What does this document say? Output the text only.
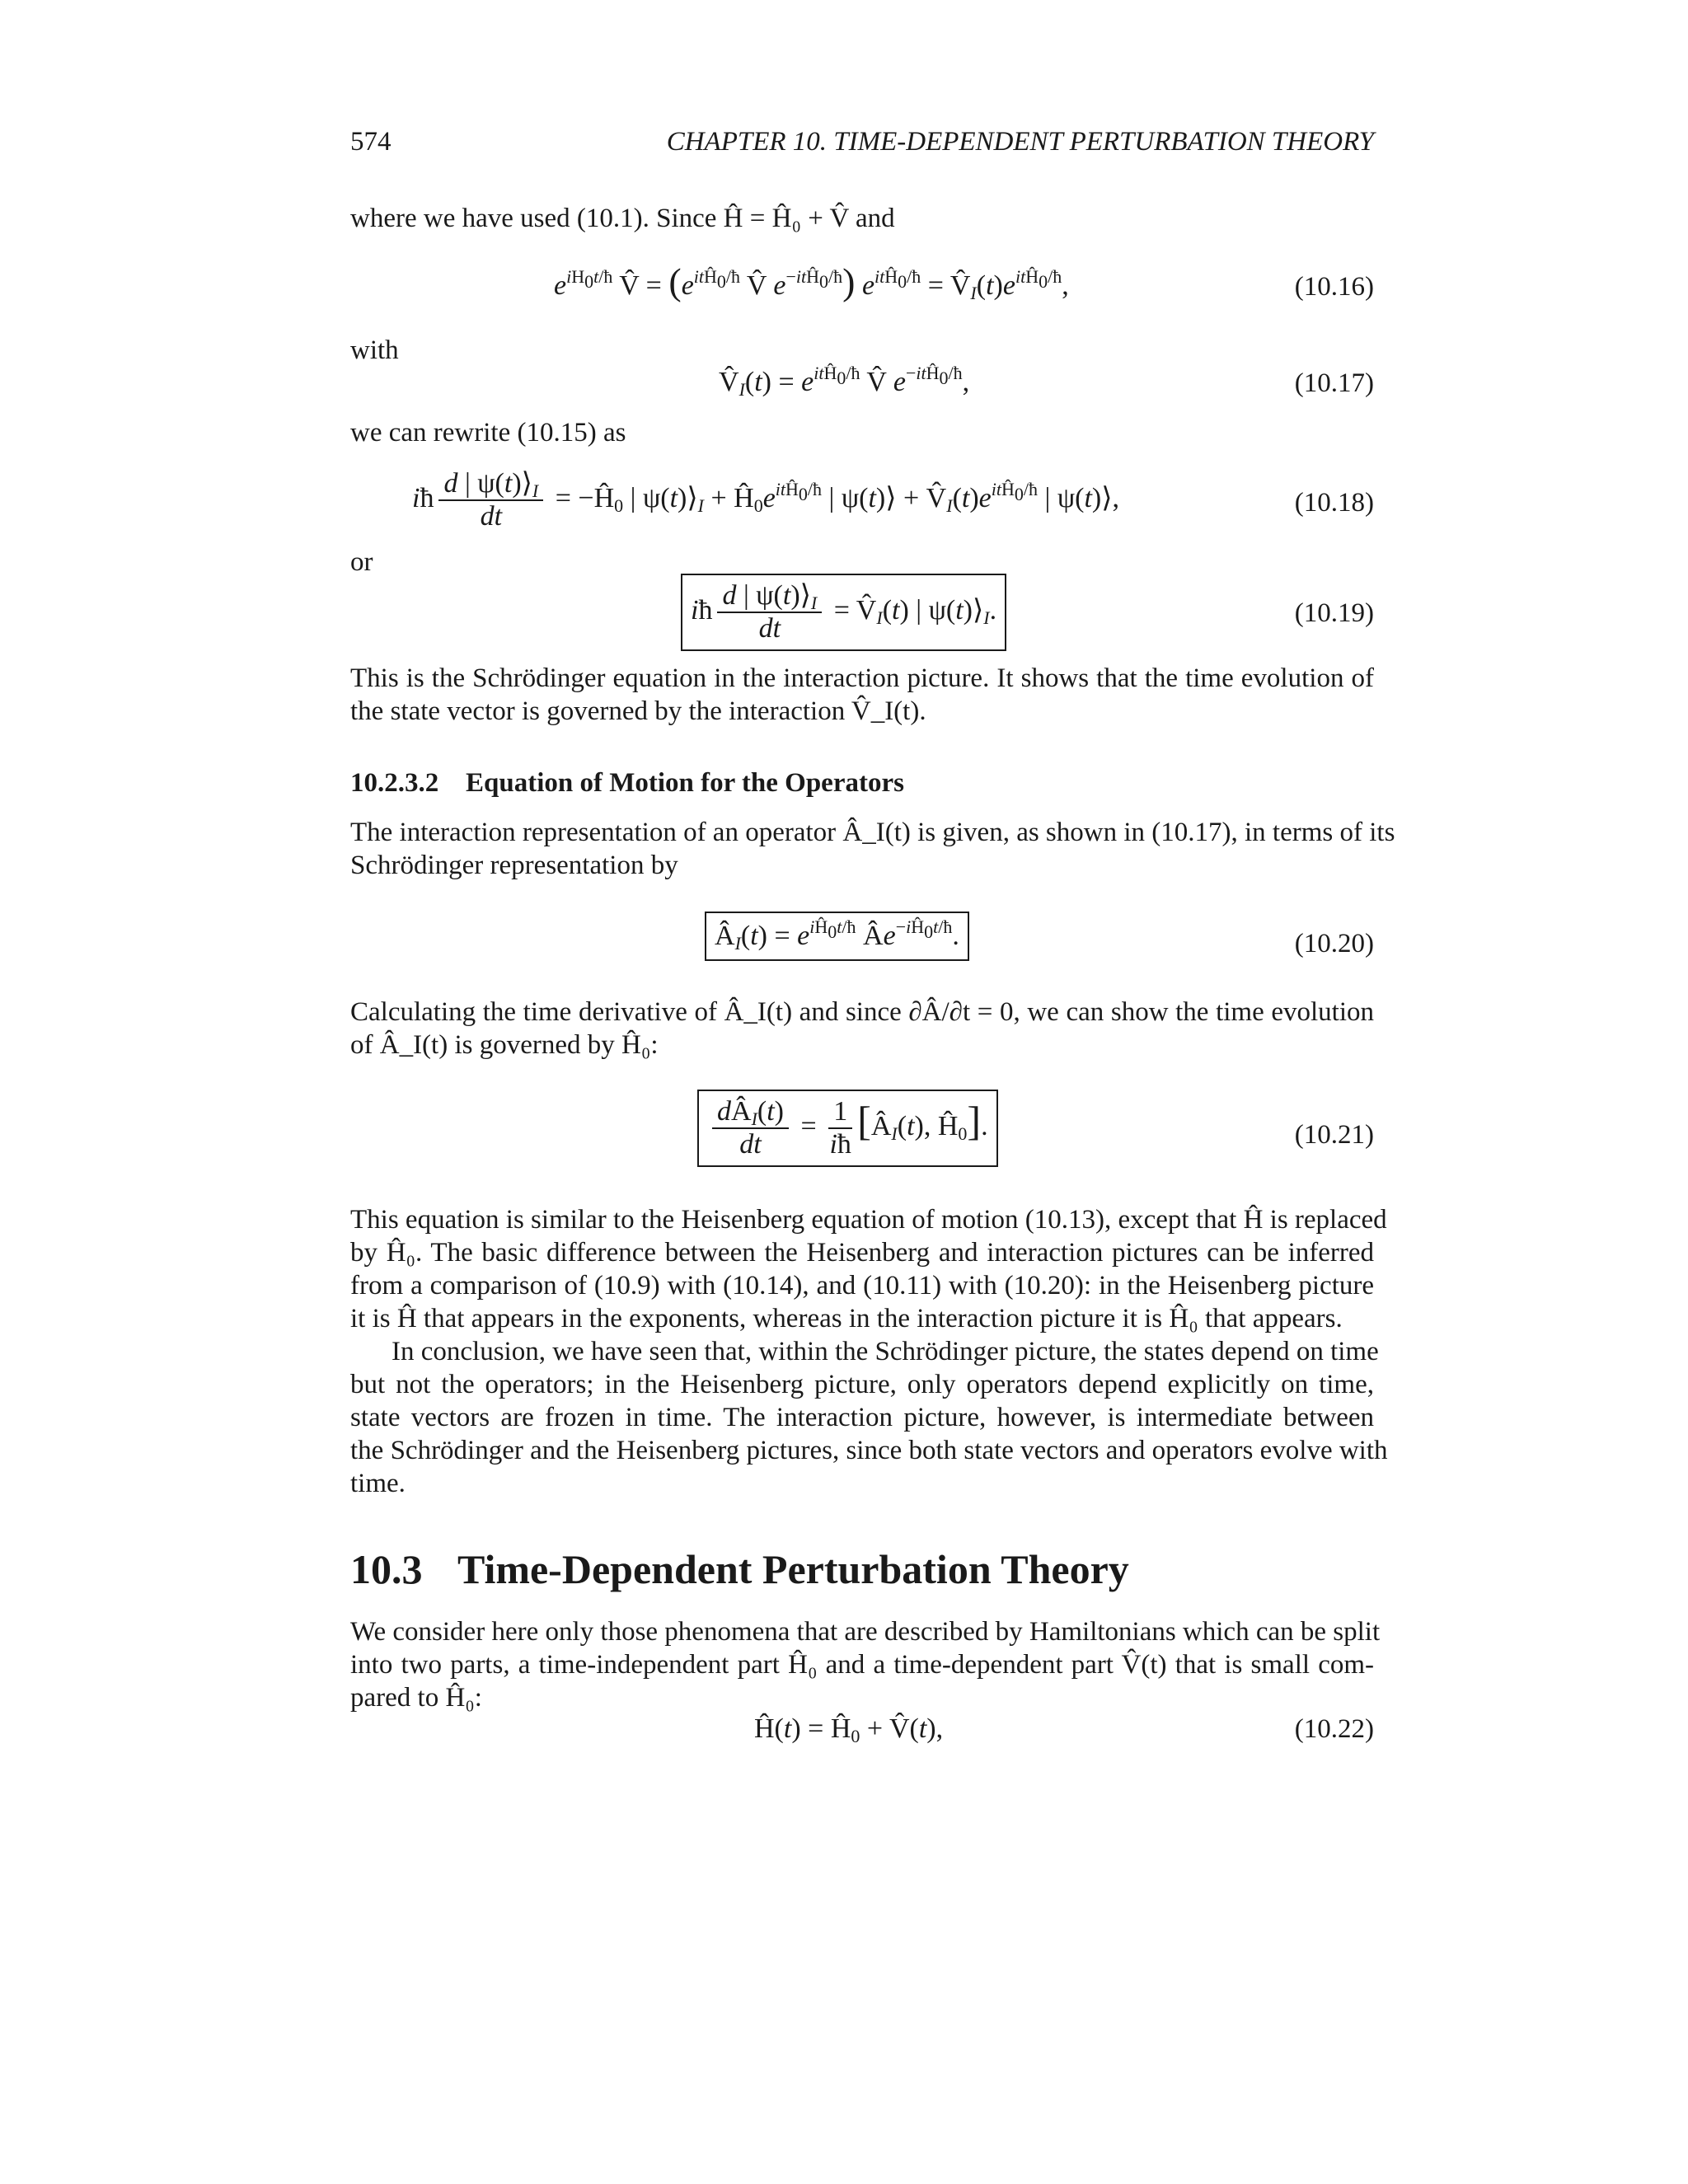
574	CHAPTER 10. TIME-DEPENDENT PERTURBATION THEORY
where we have used (10.1). Since Ĥ = Ĥ₀ + V̂ and
$e^{iH_0t/ħ}$ V̂ = ($e^{itĤ_0/ħ}$ V̂ $e^{-itĤ_0/ħ}$) $e^{itĤ_0/ħ}$ = $V̂_I(t)e^{itĤ_0/ħ}$,	(10.16)
with
$V̂_I(t) = e^{itĤ_0/ħ}$ V̂ $e^{-itĤ_0/ħ}$,	(10.17)
we can rewrite (10.15) as
iħ $\frac{d | \psi(t)⟩_I}{dt}$ = $-Ĥ_0$ | $\psi(t)⟩_I$ + $Ĥ_0e^{itĤ_0/ħ}$ | ψ(t)⟩ + $V̂_I(t)e^{itĤ_0/ħ}$ | ψ(t)⟩,	(10.18)
or
iħ $\frac{d | \psi(t)⟩_I}{dt}$ = $V̂_I(t)$ | $\psi(t)⟩_I$.	(10.19)
This is the Schrödinger equation in the interaction picture. It shows that the time evolution of
the state vector is governed by the interaction V̂_I(t).
10.2.3.2 Equation of Motion for the Operators
The interaction representation of an operator Â_I(t) is given, as shown in (10.17), in terms of its
Schrödinger representation by
$Â_I(t) = e^{iĤ_0t/ħ}$ $Âe^{-iĤ_0t/ħ}$.	(10.20)
Calculating the time derivative of Â_I(t) and since ∂Â/∂t = 0, we can show the time evolution
of Â_I(t) is governed by Ĥ₀:
$\frac{dÂ_I(t)}{dt} = \frac{1}{iħ}$ [$Â_I(t)$, $Ĥ_0$].	(10.21)
This equation is similar to the Heisenberg equation of motion (10.13), except that Ĥ is replaced
by Ĥ₀. The basic difference between the Heisenberg and interaction pictures can be inferred
from a comparison of (10.9) with (10.14), and (10.11) with (10.20): in the Heisenberg picture
it is Ĥ that appears in the exponents, whereas in the interaction picture it is Ĥ₀ that appears.
In conclusion, we have seen that, within the Schrödinger picture, the states depend on time
but not the operators; in the Heisenberg picture, only operators depend explicitly on time,
state vectors are frozen in time. The interaction picture, however, is intermediate between
the Schrödinger and the Heisenberg pictures, since both state vectors and operators evolve with
time.
10.3 Time-Dependent Perturbation Theory
We consider here only those phenomena that are described by Hamiltonians which can be split
into two parts, a time-independent part Ĥ₀ and a time-dependent part V̂(t) that is small com-
pared to Ĥ₀:
Ĥ(t) = $Ĥ_0$ + V̂(t),	(10.22)
